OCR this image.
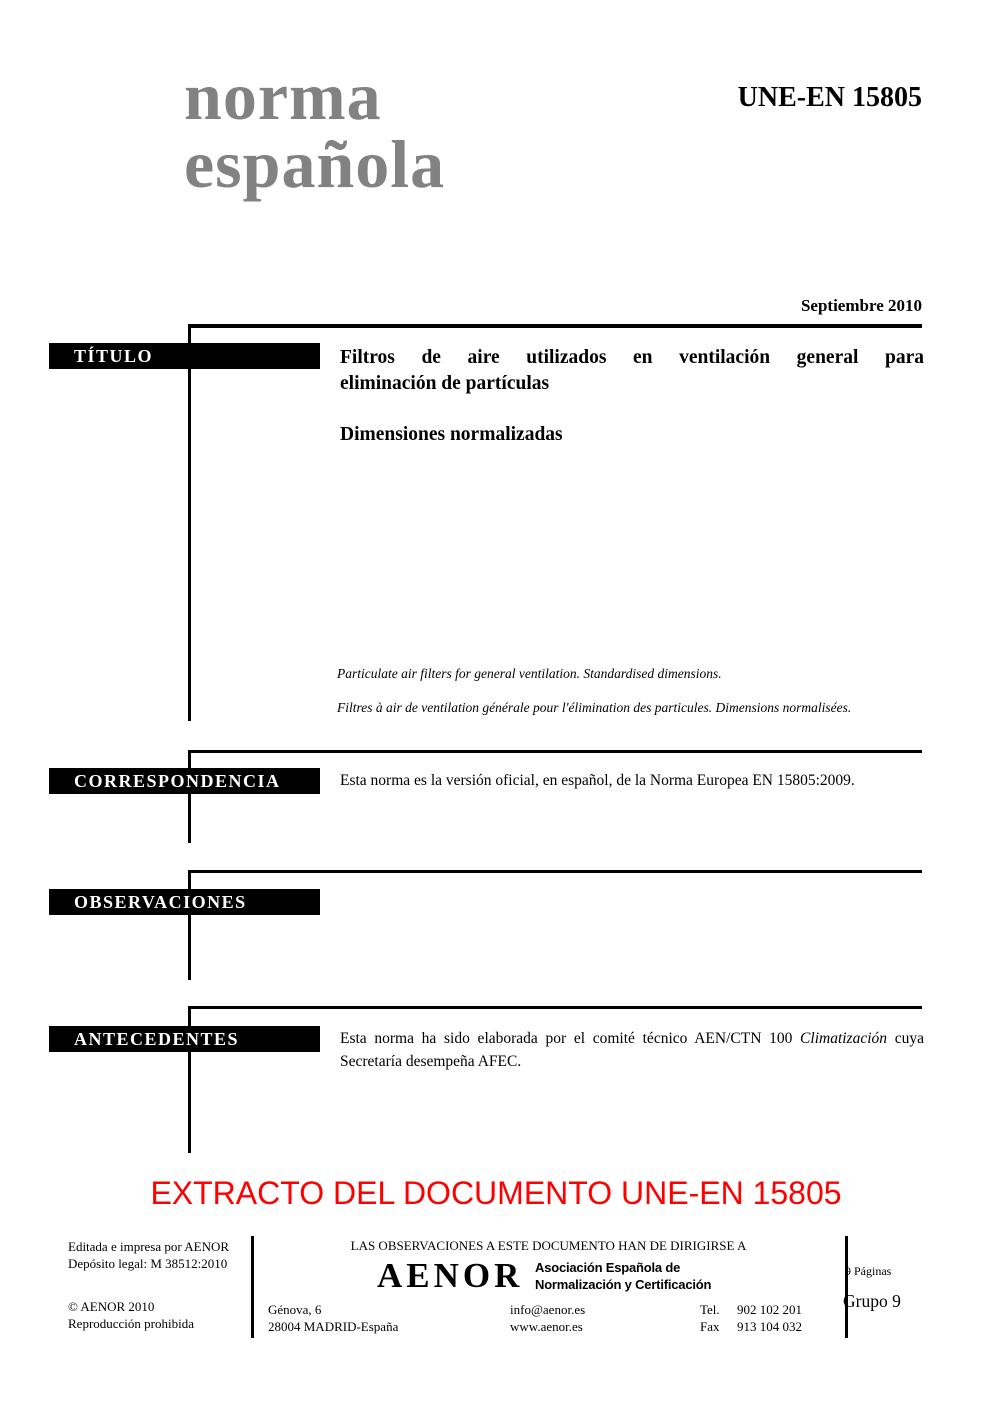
norma
española
UNE-EN 15805
Septiembre 2010
TÍTULO	Filtros de aire utilizados en ventilación general para
eliminación de partículas
Dimensiones normalizadas
Particulate air filters for general ventilation. Standardised dimensions.
Filtres à air de ventilation générale pour l'élimination des particules. Dimensions normalisées.
CORRESPONDENCIA	Esta norma es la versión oficial, en español, de la Norma Europea EN 15805:2009.
OBSERVACIONES
ANTECEDENTES	Esta norma ha sido elaborada por el comité técnico AEN/CTN 100 Climatización cuya Secretaría desempeña AFEC.
EXTRACTO DEL DOCUMENTO UNE-EN 15805
Editada e impresa por AENOR
Depósito legal: M 38512:2010
© AENOR 2010
Reproducción prohibida
LAS OBSERVACIONES A ESTE DOCUMENTO HAN DE DIRIGIRSE A
AENOR Asociación Española de
Normalización y Certificación
Génova, 6
28004 MADRID-España
info@aenor.es
www.aenor.es
Tel.
Fax
902 102 201
913 104 032
9 Páginas
Grupo 9
